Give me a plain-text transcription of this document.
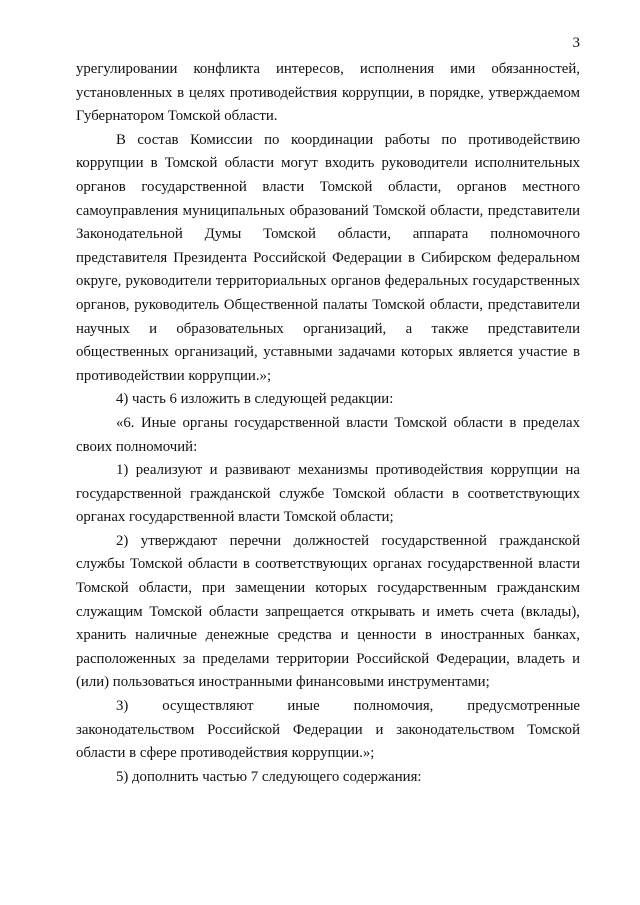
3

урегулировании конфликта интересов, исполнения ими обязанностей, установленных в целях противодействия коррупции, в порядке, утверждаемом Губернатором Томской области.

В состав Комиссии по координации работы по противодействию коррупции в Томской области могут входить руководители исполнительных органов государственной власти Томской области, органов местного самоуправления муниципальных образований Томской области, представители Законодательной Думы Томской области, аппарата полномочного представителя Президента Российской Федерации в Сибирском федеральном округе, руководители территориальных органов федеральных государственных органов, руководитель Общественной палаты Томской области, представители научных и образовательных организаций, а также представители общественных организаций, уставными задачами которых является участие в противодействии коррупции.»;

4) часть 6 изложить в следующей редакции:

«6. Иные органы государственной власти Томской области в пределах своих полномочий:

1) реализуют и развивают механизмы противодействия коррупции на государственной гражданской службе Томской области в соответствующих органах государственной власти Томской области;

2) утверждают перечни должностей государственной гражданской службы Томской области в соответствующих органах государственной власти Томской области, при замещении которых государственным гражданским служащим Томской области запрещается открывать и иметь счета (вклады), хранить наличные денежные средства и ценности в иностранных банках, расположенных за пределами территории Российской Федерации, владеть и (или) пользоваться иностранными финансовыми инструментами;

3) осуществляют иные полномочия, предусмотренные законодательством Российской Федерации и законодательством Томской области в сфере противодействия коррупции.»;

5) дополнить частью 7 следующего содержания:
